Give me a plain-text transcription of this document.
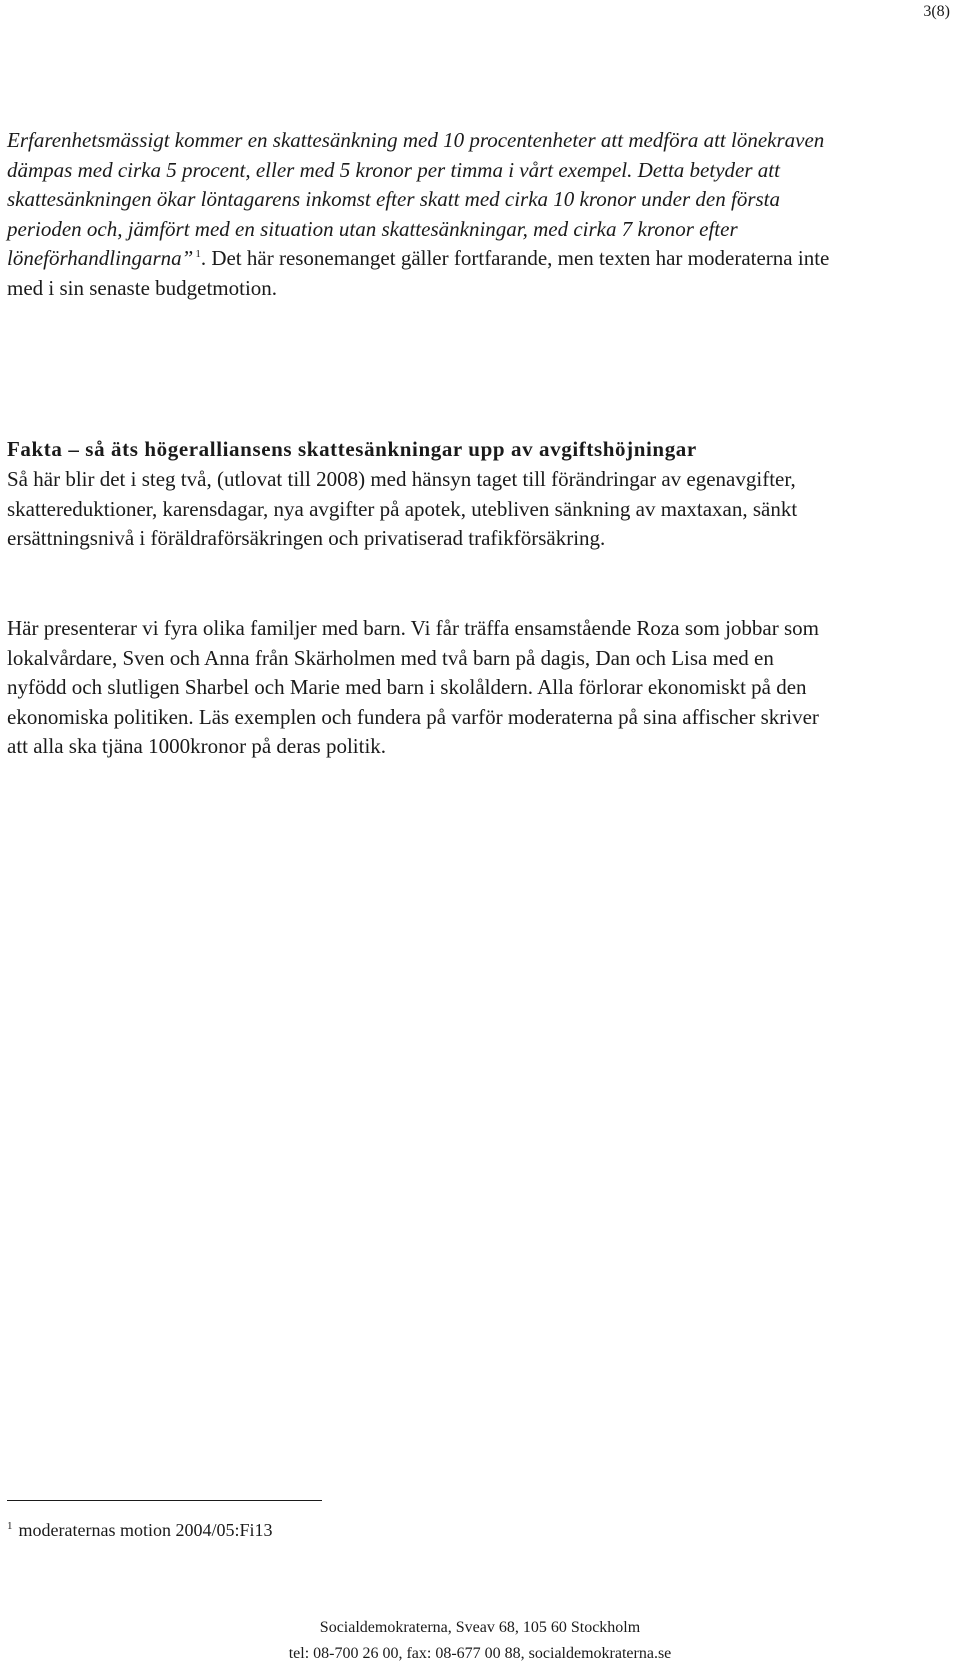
3(8)

Erfarenhetsmässigt kommer en skattesänkning med 10 procentenheter att medföra att lönekraven dämpas med cirka 5 procent, eller med 5 kronor per timma i vårt exempel. Detta betyder att skattesänkningen ökar löntagarens inkomst efter skatt med cirka 10 kronor under den första perioden och, jämfört med en situation utan skattesänkningar, med cirka 7 kronor efter löneförhandlingarna” $^1$. Det här resonemanget gäller fortfarande, men texten har moderaterna inte med i sin senaste budgetmotion.

Fakta – så äts högeralliansens skattesänkningar upp av avgiftshöjningar

Så här blir det i steg två, (utlovat till 2008) med hänsyn taget till förändringar av egenavgifter, skattereduktioner, karensdagar, nya avgifter på apotek, utebliven sänkning av maxtaxan, sänkt ersättningsnivå i föräldraförsäkringen och privatiserad trafikförsäkring.

Här presenterar vi fyra olika familjer med barn. Vi får träffa ensamstående Roza som jobbar som lokalvårdare, Sven och Anna från Skärholmen med två barn på dagis, Dan och Lisa med en nyfödd och slutligen Sharbel och Marie med barn i skolåldern. Alla förlorar ekonomiskt på den ekonomiska politiken. Läs exemplen och fundera på varför moderaterna på sina affischer skriver att alla ska tjäna 1000kronor på deras politik.

$^1$ moderaternas motion 2004/05:Fi13
Socialdemokraterna, Sveav 68, 105 60 Stockholm
tel: 08-700 26 00, fax: 08-677 00 88, socialdemokraterna.se
